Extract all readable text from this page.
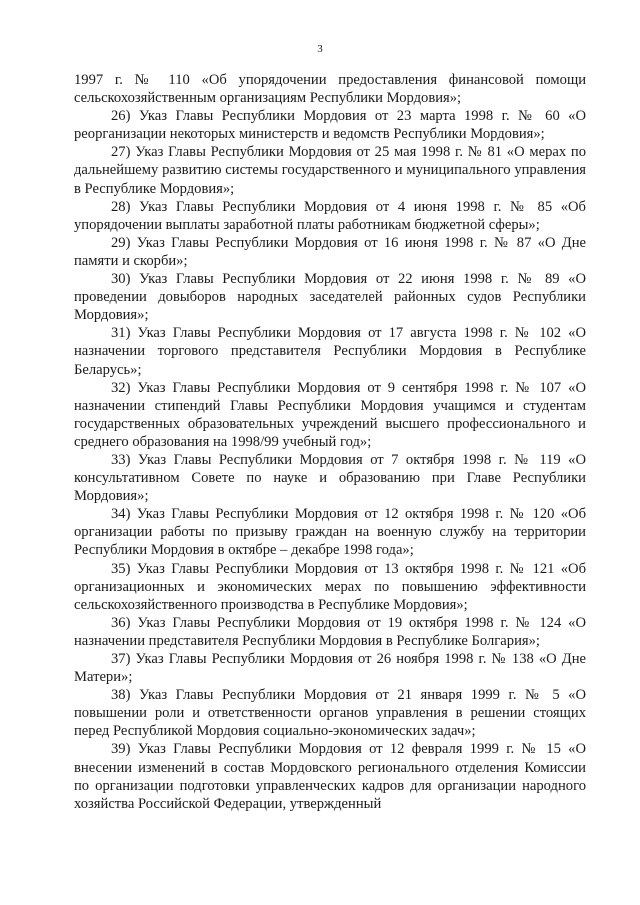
3

1997 г. № 110 «Об упорядочении предоставления финансовой помощи сельскохозяйственным организациям Республики Мордовия»;

26) Указ Главы Республики Мордовия от 23 марта 1998 г. № 60 «О реорганизации некоторых министерств и ведомств Республики Мордовия»;

27) Указ Главы Республики Мордовия от 25 мая 1998 г. № 81 «О мерах по дальнейшему развитию системы государственного и муниципального управления в Республике Мордовия»;

28) Указ Главы Республики Мордовия от 4 июня 1998 г. № 85 «Об упорядочении выплаты заработной платы работникам бюджетной сферы»;

29) Указ Главы Республики Мордовия от 16 июня 1998 г. № 87 «О Дне памяти и скорби»;

30) Указ Главы Республики Мордовия от 22 июня 1998 г. № 89 «О проведении довыборов народных заседателей районных судов Республики Мордовия»;

31) Указ Главы Республики Мордовия от 17 августа 1998 г. № 102 «О назначении торгового представителя Республики Мордовия в Республике Беларусь»;

32) Указ Главы Республики Мордовия от 9 сентября 1998 г. № 107 «О назначении стипендий Главы Республики Мордовия учащимся и студентам государственных образовательных учреждений высшего профессионального и среднего образования на 1998/99 учебный год»;

33) Указ Главы Республики Мордовия от 7 октября 1998 г. № 119 «О консультативном Совете по науке и образованию при Главе Республики Мордовия»;

34) Указ Главы Республики Мордовия от 12 октября 1998 г. № 120 «Об организации работы по призыву граждан на военную службу на территории Республики Мордовия в октябре – декабре 1998 года»;

35) Указ Главы Республики Мордовия от 13 октября 1998 г. № 121 «Об организационных и экономических мерах по повышению эффективности сельскохозяйственного производства в Республике Мордовия»;

36) Указ Главы Республики Мордовия от 19 октября 1998 г. № 124 «О назначении представителя Республики Мордовия в Республике Болгария»;

37) Указ Главы Республики Мордовия от 26 ноября 1998 г. № 138 «О Дне Матери»;

38) Указ Главы Республики Мордовия от 21 января 1999 г. № 5 «О повышении роли и ответственности органов управления в решении стоящих перед Республикой Мордовия социально-экономических задач»;

39) Указ Главы Республики Мордовия от 12 февраля 1999 г. № 15 «О внесении изменений в состав Мордовского регионального отделения Комиссии по организации подготовки управленческих кадров для организации народного хозяйства Российской Федерации, утвержденный
